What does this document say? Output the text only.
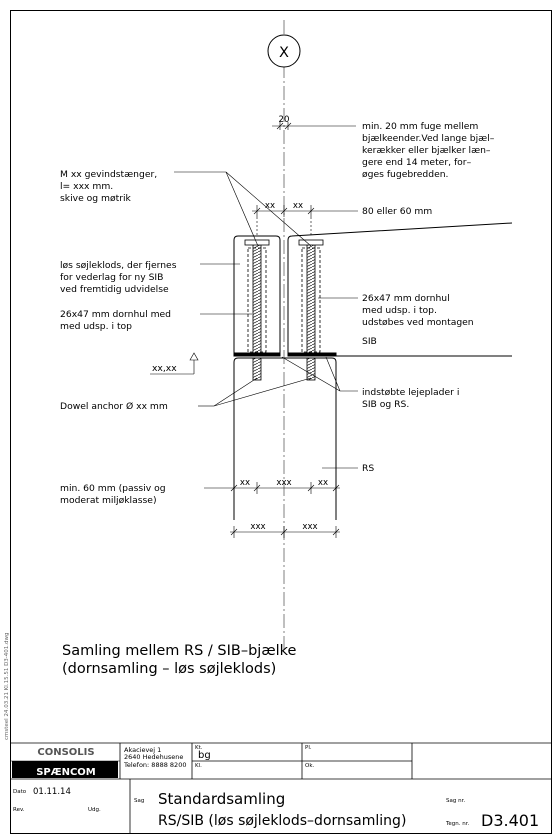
X
20
min. 20 mm fuge mellem
bjælkeender.Ved lange bjæl–
kerækker eller bjælker læn–
gere end 14 meter, for–
øges fugebredden.
xx xx	80 eller 60 mm
M xx gevindstænger,
l= xxx mm.
skive og møtrik
løs søjleklods, der fjernes
for vederlag for ny SIB
ved fremtidig udvidelse
26x47 mm dornhul med
med udsp. i top
26x47 mm dornhul
med udsp. i top.
udstøbes ved montagen
SIB
xx,xx
indstøbte lejeplader i
SIB og RS.
Dowel anchor Ø xx mm
RS
xx	xxx	xx
min. 60 mm (passiv og
moderat miljøklasse)
xxx	xxx
Samling mellem RS / SIB–bjælke
(dornsamling – løs søjleklods)
cmsteel 24.03.21 Kl.15.51 D3-401.dwg
CONSOLIS
SPÆNCOM
Akacievej 1
2640 Hedehusene
Telefon: 8888 8200
Kt.
bg
Pl.
Kl.	Ok.
Dato 01.11.14
Rev.	Udg.
Sag Standardsamling	Sag nr.
RS/SIB (løs søjleklods–dornsamling)	Tegn. nr. D3.401
